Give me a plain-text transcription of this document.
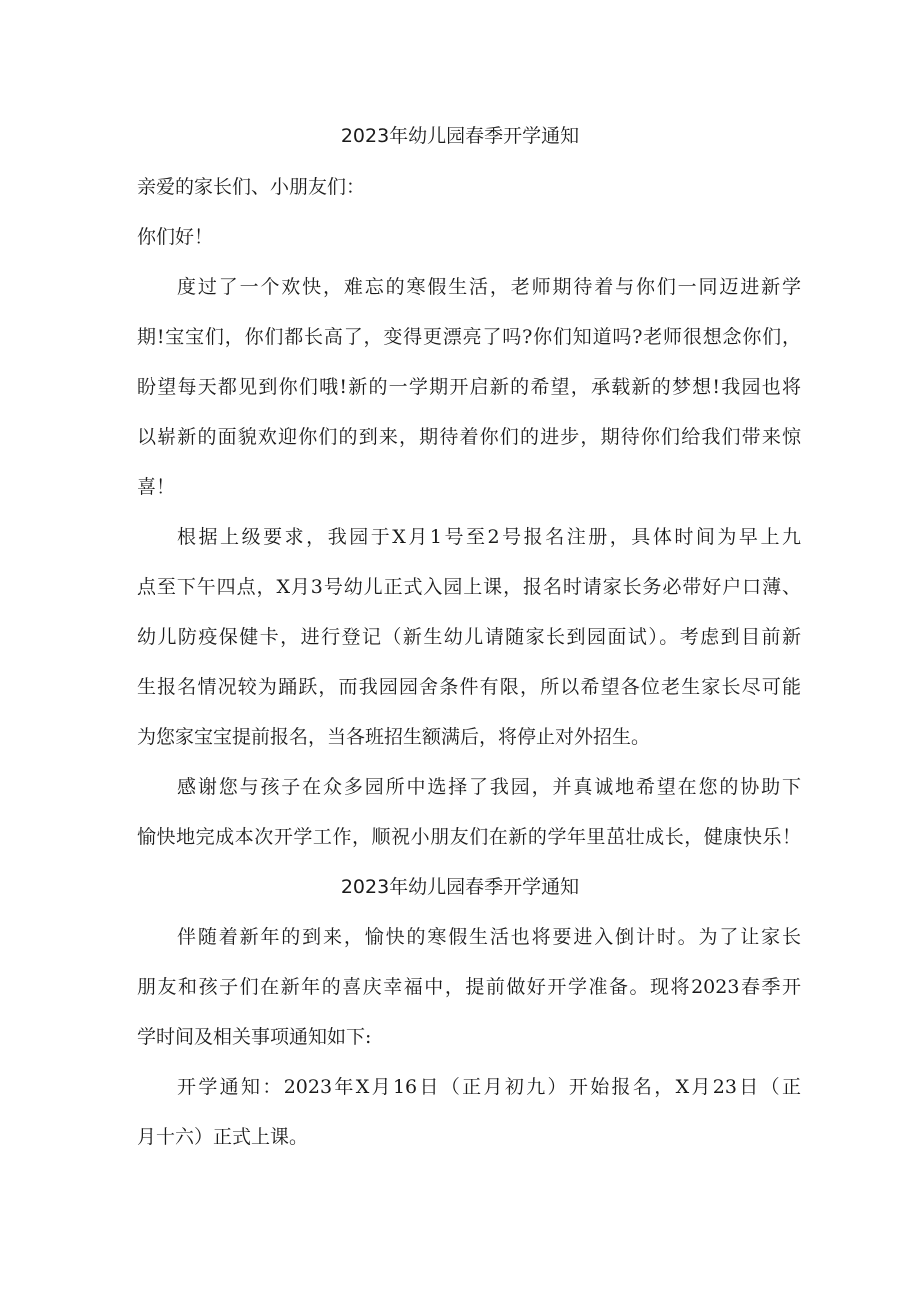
2023年幼儿园春季开学通知
亲爱的家长们、小朋友们：
你们好！
度过了一个欢快，难忘的寒假生活，老师期待着与你们一同迈进新学
期!宝宝们，你们都长高了，变得更漂亮了吗?你们知道吗?老师很想念你们，
盼望每天都见到你们哦!新的一学期开启新的希望，承载新的梦想!我园也将
以崭新的面貌欢迎你们的到来，期待着你们的进步，期待你们给我们带来惊
喜！
根据上级要求，我园于X月1号至2号报名注册，具体时间为早上九
点至下午四点，X月3号幼儿正式入园上课，报名时请家长务必带好户口薄、
幼儿防疫保健卡，进行登记（新生幼儿请随家长到园面试）。考虑到目前新
生报名情况较为踊跃，而我园园舍条件有限，所以希望各位老生家长尽可能
为您家宝宝提前报名，当各班招生额满后，将停止对外招生。
感谢您与孩子在众多园所中选择了我园，并真诚地希望在您的协助下
愉快地完成本次开学工作，顺祝小朋友们在新的学年里茁壮成长，健康快乐！
2023年幼儿园春季开学通知
伴随着新年的到来，愉快的寒假生活也将要进入倒计时。为了让家长
朋友和孩子们在新年的喜庆幸福中，提前做好开学准备。现将2023春季开
学时间及相关事项通知如下:
开学通知：2023年X月16日（正月初九）开始报名，X月23日（正
月十六）正式上课。
